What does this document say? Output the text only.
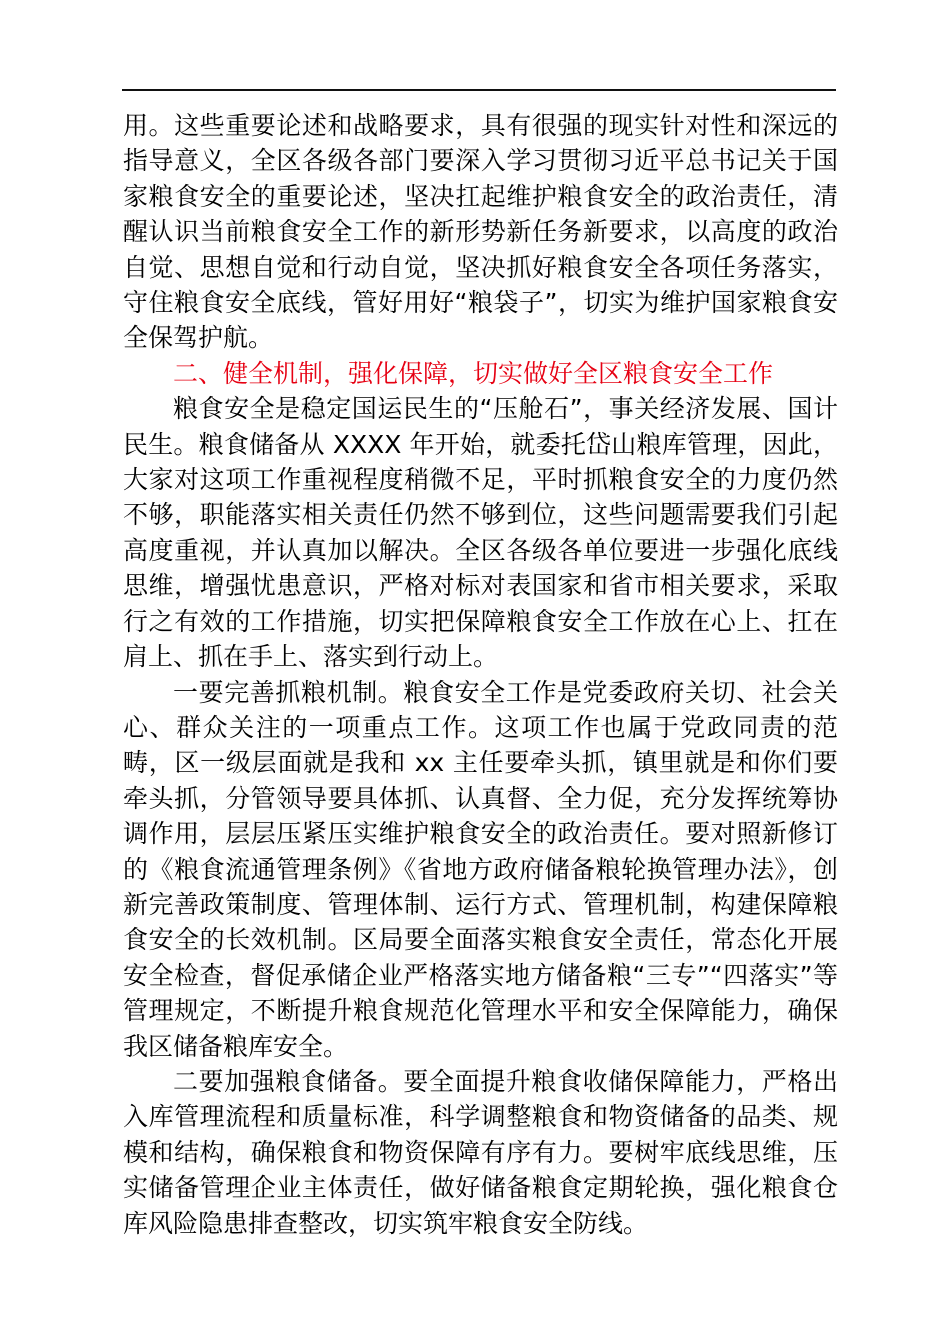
用。这些重要论述和战略要求，具有很强的现实针对性和深远的指导意义，全区各级各部门要深入学习贯彻习近平总书记关于国家粮食安全的重要论述，坚决扛起维护粮食安全的政治责任，清醒认识当前粮食安全工作的新形势新任务新要求，以高度的政治自觉、思想自觉和行动自觉，坚决抓好粮食安全各项任务落实，守住粮食安全底线，管好用好“粮袋子”，切实为维护国家粮食安全保驾护航。

二、健全机制，强化保障，切实做好全区粮食安全工作

粮食安全是稳定国运民生的“压舱石”，事关经济发展、国计民生。粮食储备从 XXXX 年开始，就委托岱山粮库管理，因此，大家对这项工作重视程度稍微不足，平时抓粮食安全的力度仍然不够，职能落实相关责任仍然不够到位，这些问题需要我们引起高度重视，并认真加以解决。全区各级各单位要进一步强化底线思维，增强忧患意识，严格对标对表国家和省市相关要求，采取行之有效的工作措施，切实把保障粮食安全工作放在心上、扛在肩上、抓在手上、落实到行动上。

一要完善抓粮机制。粮食安全工作是党委政府关切、社会关心、群众关注的一项重点工作。这项工作也属于党政同责的范畴，区一级层面就是我和 xx 主任要牵头抓，镇里就是和你们要牵头抓，分管领导要具体抓、认真督、全力促，充分发挥统筹协调作用，层层压紧压实维护粮食安全的政治责任。要对照新修订的《粮食流通管理条例》《省地方政府储备粮轮换管理办法》，创新完善政策制度、管理体制、运行方式、管理机制，构建保障粮食安全的长效机制。区局要全面落实粮食安全责任，常态化开展安全检查，督促承储企业严格落实地方储备粮“三专”“四落实”等管理规定，不断提升粮食规范化管理水平和安全保障能力，确保我区储备粮库安全。

二要加强粮食储备。要全面提升粮食收储保障能力，严格出入库管理流程和质量标准，科学调整粮食和物资储备的品类、规模和结构，确保粮食和物资保障有序有力。要树牢底线思维，压实储备管理企业主体责任，做好储备粮食定期轮换，强化粮食仓库风险隐患排查整改，切实筑牢粮食安全防线。
